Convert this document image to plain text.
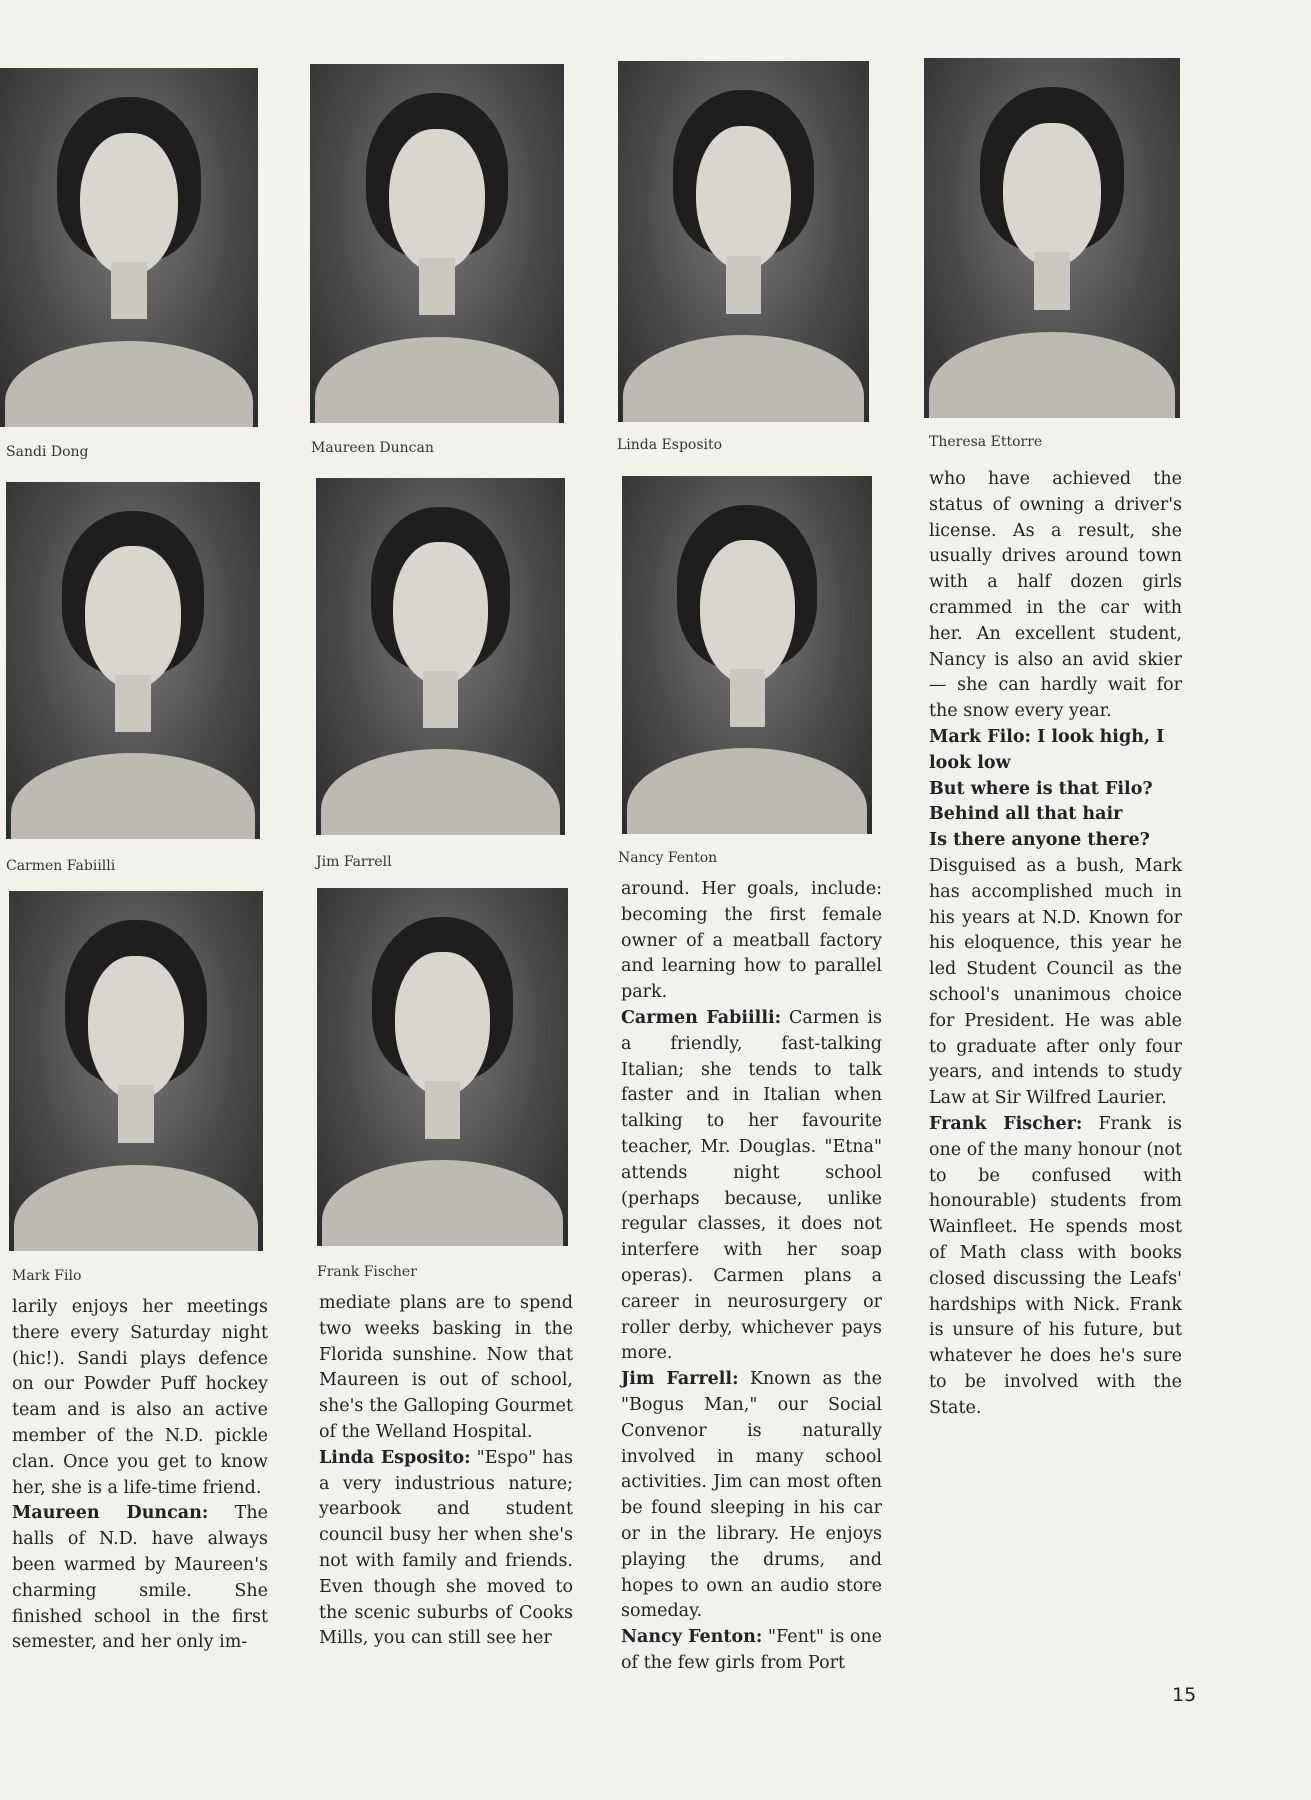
Sandi Dong	Maureen Duncan	Linda Esposito	Theresa Ettorre
Carmen Fabiilli	Jim Farrell	Nancy Fenton
Mark Filo	Frank Fischer

larily enjoys her meetings there every Saturday night (hic!). Sandi plays defence on our Powder Puff hockey team and is also an active member of the N.D. pickle clan. Once you get to know her, she is a life-time friend.

Maureen Duncan: The halls of N.D. have always been warmed by Maureen's charming smile. She finished school in the first semester, and her only im-

mediate plans are to spend two weeks basking in the Florida sunshine. Now that Maureen is out of school, she's the Galloping Gourmet of the Welland Hospital.

Linda Esposito: "Espo" has a very industrious nature; yearbook and student council busy her when she's not with family and friends. Even though she moved to the scenic suburbs of Cooks Mills, you can still see her

around. Her goals, include: becoming the first female owner of a meatball factory and learning how to parallel park.

Carmen Fabiilli: Carmen is a friendly, fast-talking Italian; she tends to talk faster and in Italian when talking to her favourite teacher, Mr. Douglas. "Etna" attends night school (perhaps because, unlike regular classes, it does not interfere with her soap operas). Carmen plans a career in neurosurgery or roller derby, whichever pays more.

Jim Farrell: Known as the "Bogus Man," our Social Convenor is naturally involved in many school activities. Jim can most often be found sleeping in his car or in the library. He enjoys playing the drums, and hopes to own an audio store someday.

Nancy Fenton: "Fent" is one of the few girls from Port

who have achieved the status of owning a driver's license. As a result, she usually drives around town with a half dozen girls crammed in the car with her. An excellent student, Nancy is also an avid skier — she can hardly wait for the snow every year.

Mark Filo: I look high, I look low

But where is that Filo?

Behind all that hair

Is there anyone there?

Disguised as a bush, Mark has accomplished much in his years at N.D. Known for his eloquence, this year he led Student Council as the school's unanimous choice for President. He was able to graduate after only four years, and intends to study Law at Sir Wilfred Laurier.

Frank Fischer: Frank is one of the many honour (not to be confused with honourable) students from Wainfleet. He spends most of Math class with books closed discussing the Leafs' hardships with Nick. Frank is unsure of his future, but whatever he does he's sure to be involved with the State.

15
